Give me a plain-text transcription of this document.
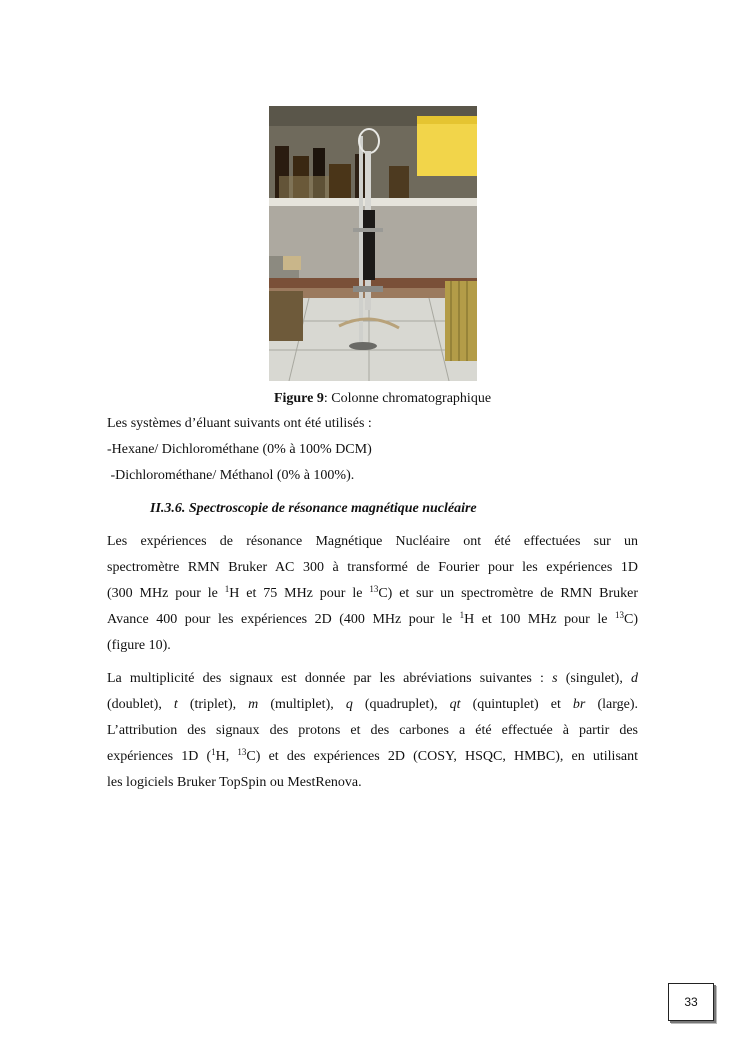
Figure 9: Colonne chromatographique
Les systèmes d’éluant suivants ont été utilisés :
-Hexane/ Dichlorométhane (0% à 100% DCM)
-Dichlorométhane/ Méthanol (0% à 100%).
II.3.6. Spectroscopie de résonance magnétique nucléaire
Les expériences de résonance Magnétique Nucléaire ont été effectuées sur un
spectromètre RMN Bruker AC 300 à transformé de Fourier pour les expériences 1D
(300 MHz pour le $^1$H et 75 MHz pour le $^{13}$C) et sur un spectromètre de RMN Bruker
Avance 400 pour les expériences 2D (400 MHz pour le $^1$H et 100 MHz pour le $^{13}$C)
(figure 10).
La multiplicité des signaux est donnée par les abréviations suivantes : s (singulet), d
(doublet), t (triplet), m (multiplet), q (quadruplet), qt (quintuplet) et br (large).
L’attribution des signaux des protons et des carbones a été effectuée à partir des
expériences 1D ($^1$H, $^{13}$C) et des expériences 2D (COSY, HSQC, HMBC), en utilisant
les logiciels Bruker TopSpin ou MestRenova.
33
